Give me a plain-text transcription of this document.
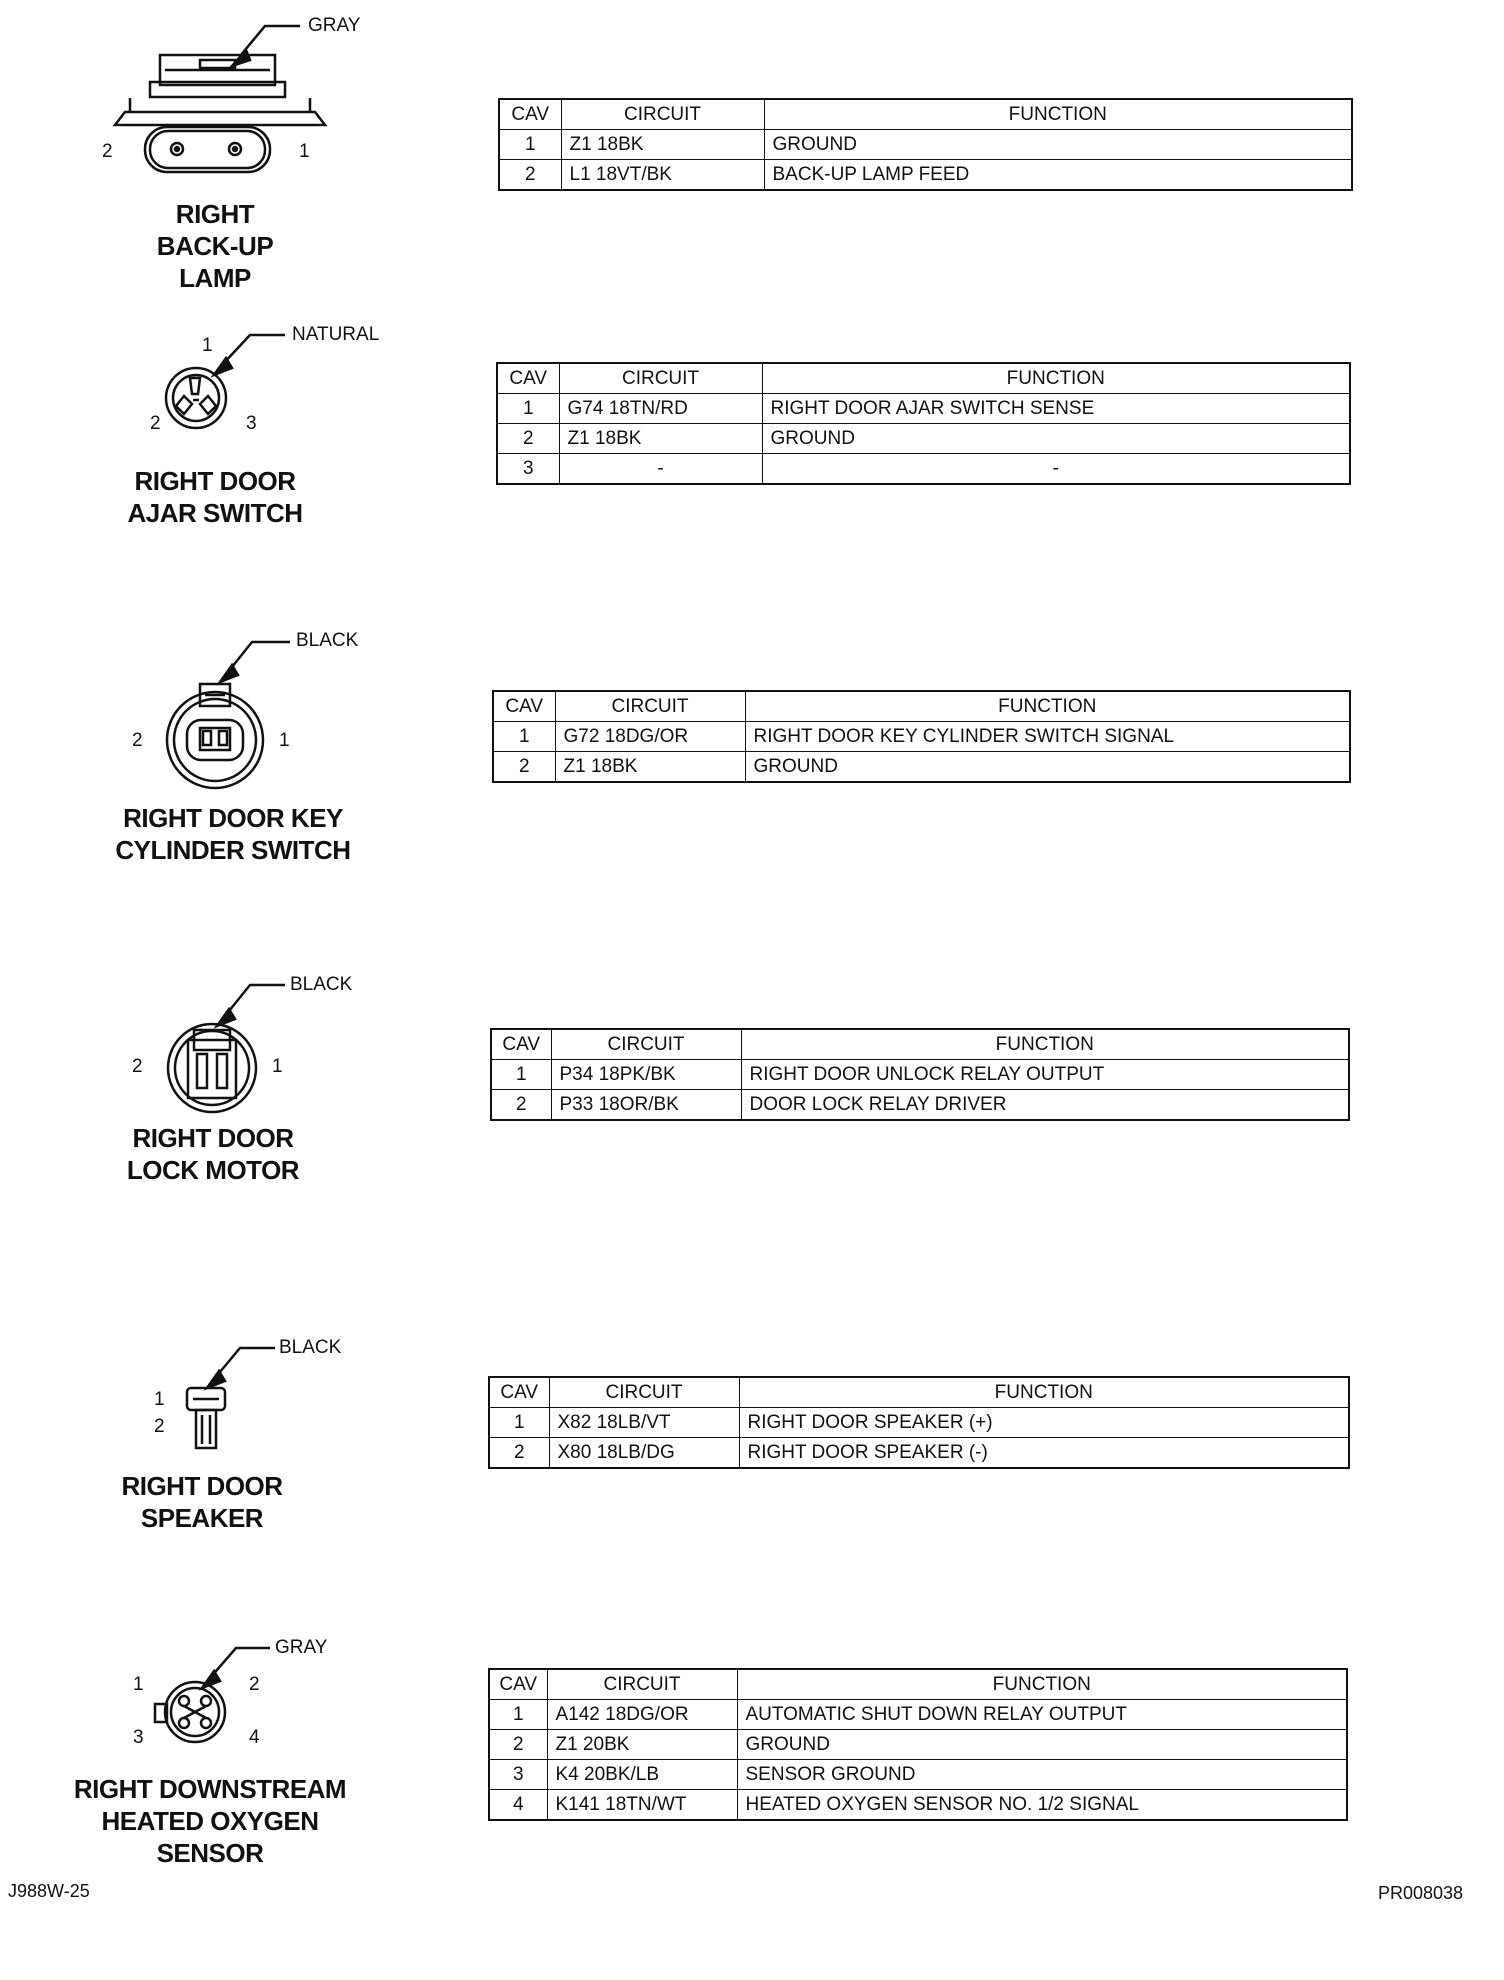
GRAY
2	1
RIGHT
BACK-UP
LAMP
CAV	CIRCUIT	FUNCTION
1	Z1 18BK	GROUND
2	L1 18VT/BK	BACK-UP LAMP FEED
NATURAL
1
2	3
RIGHT DOOR
AJAR SWITCH
CAV	CIRCUIT	FUNCTION
1	G74 18TN/RD	RIGHT DOOR AJAR SWITCH SENSE
2	Z1 18BK	GROUND
3	-	-
BLACK
2	1
RIGHT DOOR KEY
CYLINDER SWITCH
CAV	CIRCUIT	FUNCTION
1	G72 18DG/OR	RIGHT DOOR KEY CYLINDER SWITCH SIGNAL
2	Z1 18BK	GROUND
BLACK
2	1
RIGHT DOOR
LOCK MOTOR
CAV	CIRCUIT	FUNCTION
1	P34 18PK/BK	RIGHT DOOR UNLOCK RELAY OUTPUT
2	P33 18OR/BK	DOOR LOCK RELAY DRIVER
BLACK
1
2
RIGHT DOOR
SPEAKER
CAV	CIRCUIT	FUNCTION
1	X82 18LB/VT	RIGHT DOOR SPEAKER (+)
2	X80 18LB/DG	RIGHT DOOR SPEAKER (-)
GRAY
1	2
3	4
RIGHT DOWNSTREAM
HEATED OXYGEN
SENSOR
CAV	CIRCUIT	FUNCTION
1	A142 18DG/OR	AUTOMATIC SHUT DOWN RELAY OUTPUT
2	Z1 20BK	GROUND
3	K4 20BK/LB	SENSOR GROUND
4	K141 18TN/WT	HEATED OXYGEN SENSOR NO. 1/2 SIGNAL
J988W-25	PR008038
